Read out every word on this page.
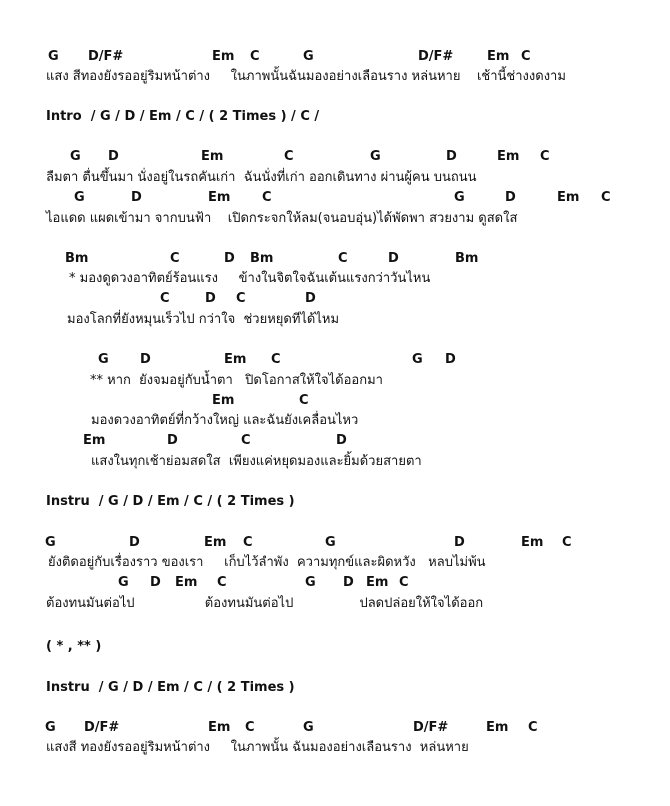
G D/F#	Em C	G	D/F#	Em C
แสง สีทองยังรออยู่ริมหน้าต่าง     ในภาพนั้นฉันมองอย่างเลือนราง หล่นหาย    เช้านี้ช่างงดงาม
Intro  / G / D / Em / C / ( 2 Times ) / C /
G D	Em	C	G	D	Em C
ลืมตา ตื่นขึ้นมา นั่งอยู่ในรถคันเก่า  ฉันนั่งที่เก่า ออกเดินทาง ผ่านผู้คน บนถนน
G	D	Em C	G	D	Em C
ไอแดด แผดเข้ามา จากบนฟ้า    เปิดกระจกให้ลม(จนอบอุ่น)ได้พัดพา สวยงาม ดูสดใส
Bm	C	D Bm	C	D	Bm
* มองดูดวงอาทิตย์ร้อนแรง     ข้างในจิตใจฉันเต้นแรงกว่าวันไหน
C	D C	D
มองโลกที่ยังหมุนเร็วไป กว่าใจ  ช่วยหยุดทีได้ไหม
G D	Em C	G D
** หาก  ยังจมอยู่กับน้ำตา   ปิดโอกาสให้ใจได้ออกมา
Em	C
มองดวงอาทิตย์ที่กว้างใหญ่ และฉันยังเคลื่อนไหว
Em	D	C	D
แสงในทุกเช้าย่อมสดใส  เพียงแค่หยุดมองและยิ้มด้วยสายตา
Instru  / G / D / Em / C / ( 2 Times )
G	D	Em C	G	D	Em C
ยังติดอยู่กับเรื่องราว ของเรา     เก็บไว้ลำพัง  ความทุกข์และผิดหวัง   หลบไม่พ้น
G D Em C	G D Em C
ต้องทนมันต่อไป                 ต้องทนมันต่อไป                ปลดปล่อยให้ใจได้ออก
( * , ** )
Instru  / G / D / Em / C / ( 2 Times )
G D/F#	Em C	G	D/F#	Em C
แสงสี ทองยังรออยู่ริมหน้าต่าง     ในภาพนั้น ฉันมองอย่างเลือนราง  หล่นหาย
